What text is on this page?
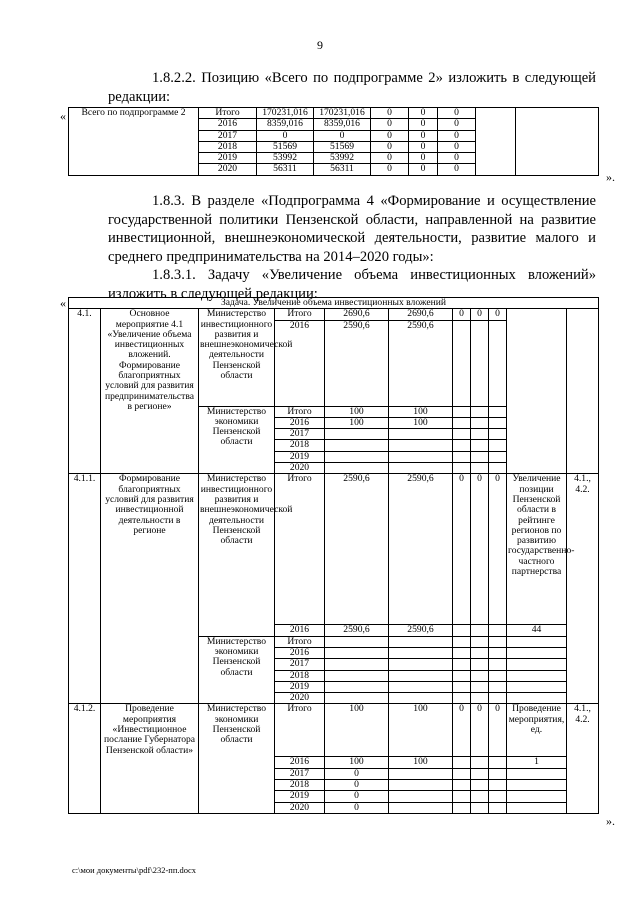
9
1.8.2.2. Позицию «Всего по подпрограмме 2» изложить в следующей редакции:
« Всего по подпрограмме 2	Итого	170231,016	170231,016	0	0	0		
	2016	8359,016	8359,016	0	0	0		
	2017	0	0	0	0	0		
	2018	51569	51569	0	0	0		
	2019	53992	53992	0	0	0		
	2020	56311	56311	0	0	0		
».
1.8.3. В разделе «Подпрограмма 4 «Формирование и осуществление государственной политики Пензенской области, направленной на развитие инвестиционной, внешнеэкономической деятельности, развитие малого и среднего предпринимательства на 2014–2020 годы»:
1.8.3.1. Задачу «Увеличение объема инвестиционных вложений» изложить в следующей редакции:
«	Задача. Увеличение объема инвестиционных вложений										
4.1.	Основное мероприятие 4.1 «Увеличение объема инвестиционных вложений. Формирование благоприятных условий для развития предпринимательства в регионе»	Министерство инвестиционного развития и внешнеэкономической деятельности Пензенской области	Итого	2690,6	2690,6	0	0	0		
			2016	2590,6	2590,6					
		Министерство экономики Пензенской области	Итого	100	100					
			2016	100	100					
			2017							
			2018							
			2019							
			2020							
4.1.1.	Формирование благоприятных условий для развития инвестиционной деятельности в регионе	Министерство инвестиционного развития и внешнеэкономической деятельности Пензенской области	Итого	2590,6	2590,6	0	0	0	Увеличение позиции Пензенской области в рейтинге регионов по развитию государственно-частного партнерства	4.1., 4.2.
			2016	2590,6	2590,6				44	
		Министерство экономики Пензенской области	Итого							
			2016							
			2017							
			2018							
			2019							
			2020							
4.1.2.	Проведение мероприятия «Инвестиционное послание Губернатора Пензенской области»	Министерство экономики Пензенской области	Итого	100	100	0	0	0	Проведение мероприятия, ед.	4.1., 4.2.
			2016	100	100				1	
			2017	0						
			2018	0						
			2019	0						
			2020	0						
».
c:\мои документы\pdf\232-пп.docx
